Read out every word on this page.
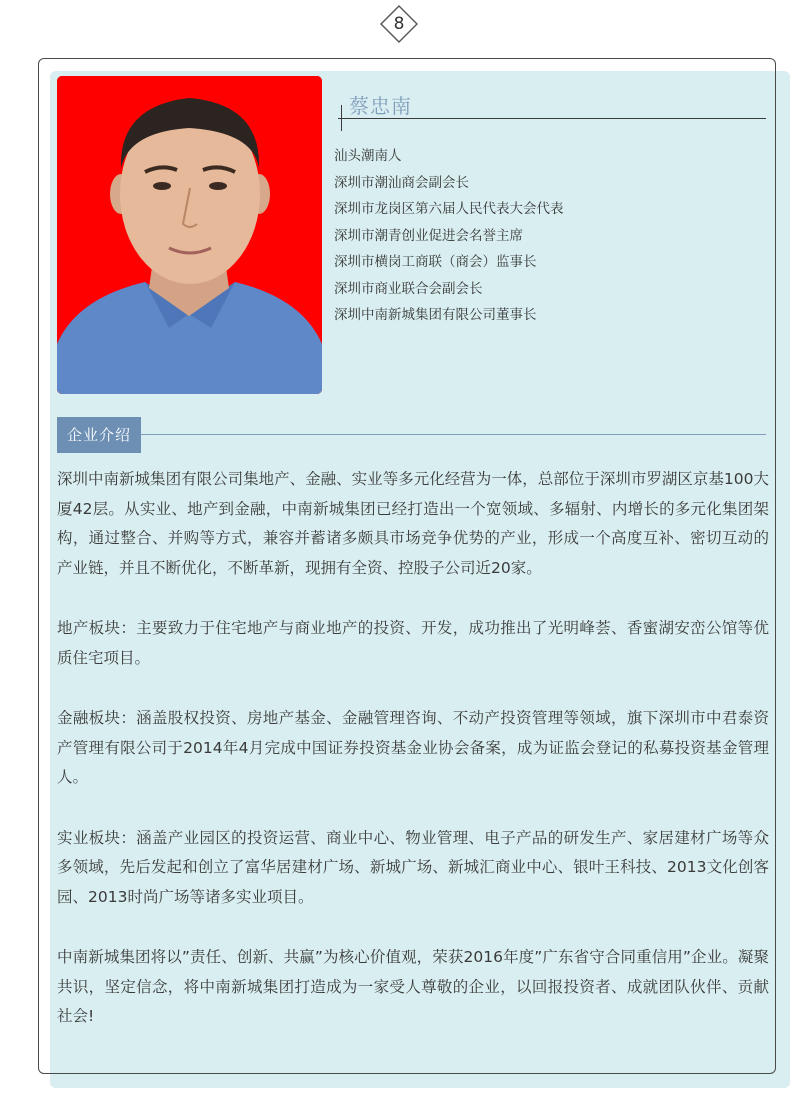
8
蔡忠南
汕头潮南人
深圳市潮汕商会副会长
深圳市龙岗区第六届人民代表大会代表
深圳市潮青创业促进会名誉主席
深圳市横岗工商联（商会）监事长
深圳市商业联合会副会长
深圳中南新城集团有限公司董事长
企业介绍

深圳中南新城集团有限公司集地产、金融、实业等多元化经营为一体，总部位于深圳市罗湖区京基100大厦42层。从实业、地产到金融，中南新城集团已经打造出一个宽领域、多辐射、内增长的多元化集团架构，通过整合、并购等方式，兼容并蓄诸多颇具市场竞争优势的产业，形成一个高度互补、密切互动的产业链，并且不断优化，不断革新，现拥有全资、控股子公司近20家。

地产板块：主要致力于住宅地产与商业地产的投资、开发，成功推出了光明峰荟、香蜜湖安峦公馆等优质住宅项目。

金融板块：涵盖股权投资、房地产基金、金融管理咨询、不动产投资管理等领域，旗下深圳市中君泰资产管理有限公司于2014年4月完成中国证券投资基金业协会备案，成为证监会登记的私募投资基金管理人。

实业板块：涵盖产业园区的投资运营、商业中心、物业管理、电子产品的研发生产、家居建材广场等众多领域，先后发起和创立了富华居建材广场、新城广场、新城汇商业中心、银叶王科技、2013文化创客园、2013时尚广场等诸多实业项目。

中南新城集团将以”责任、创新、共赢”为核心价值观，荣获2016年度”广东省守合同重信用”企业。凝聚共识，坚定信念，将中南新城集团打造成为一家受人尊敬的企业，以回报投资者、成就团队伙伴、贡献社会!
